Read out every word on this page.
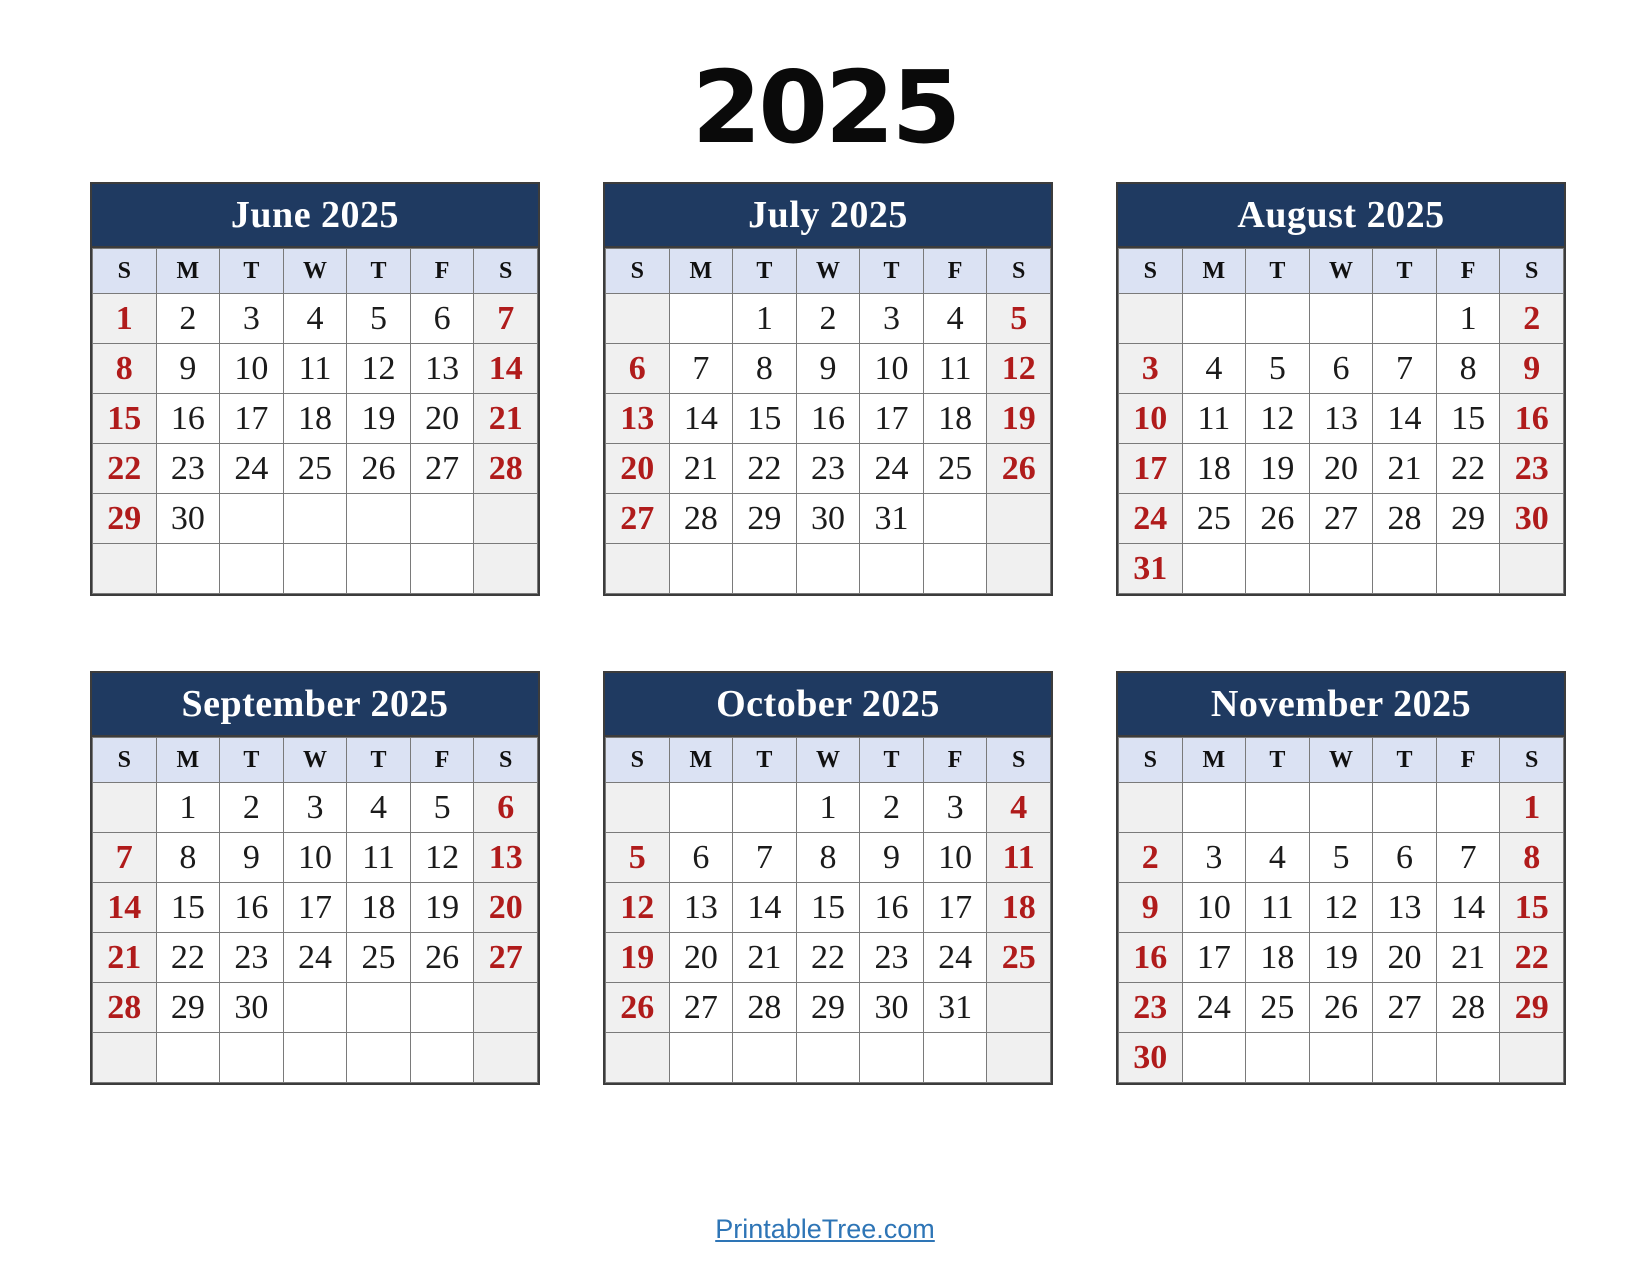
2025
June 2025
S	M	T	W	T	F	S
1	2	3	4	5	6	7
8	9	10	11	12	13	14
15	16	17	18	19	20	21
22	23	24	25	26	27	28
29	30					

July 2025
S	M	T	W	T	F	S
		1	2	3	4	5
6	7	8	9	10	11	12
13	14	15	16	17	18	19
20	21	22	23	24	25	26
27	28	29	30	31		

August 2025
S	M	T	W	T	F	S
					1	2
3	4	5	6	7	8	9
10	11	12	13	14	15	16
17	18	19	20	21	22	23
24	25	26	27	28	29	30
31						
September 2025
S	M	T	W	T	F	S
	1	2	3	4	5	6
7	8	9	10	11	12	13
14	15	16	17	18	19	20
21	22	23	24	25	26	27
28	29	30				

October 2025
S	M	T	W	T	F	S
			1	2	3	4
5	6	7	8	9	10	11
12	13	14	15	16	17	18
19	20	21	22	23	24	25
26	27	28	29	30	31	

November 2025
S	M	T	W	T	F	S
						1
2	3	4	5	6	7	8
9	10	11	12	13	14	15
16	17	18	19	20	21	22
23	24	25	26	27	28	29
30						
PrintableTree.com
